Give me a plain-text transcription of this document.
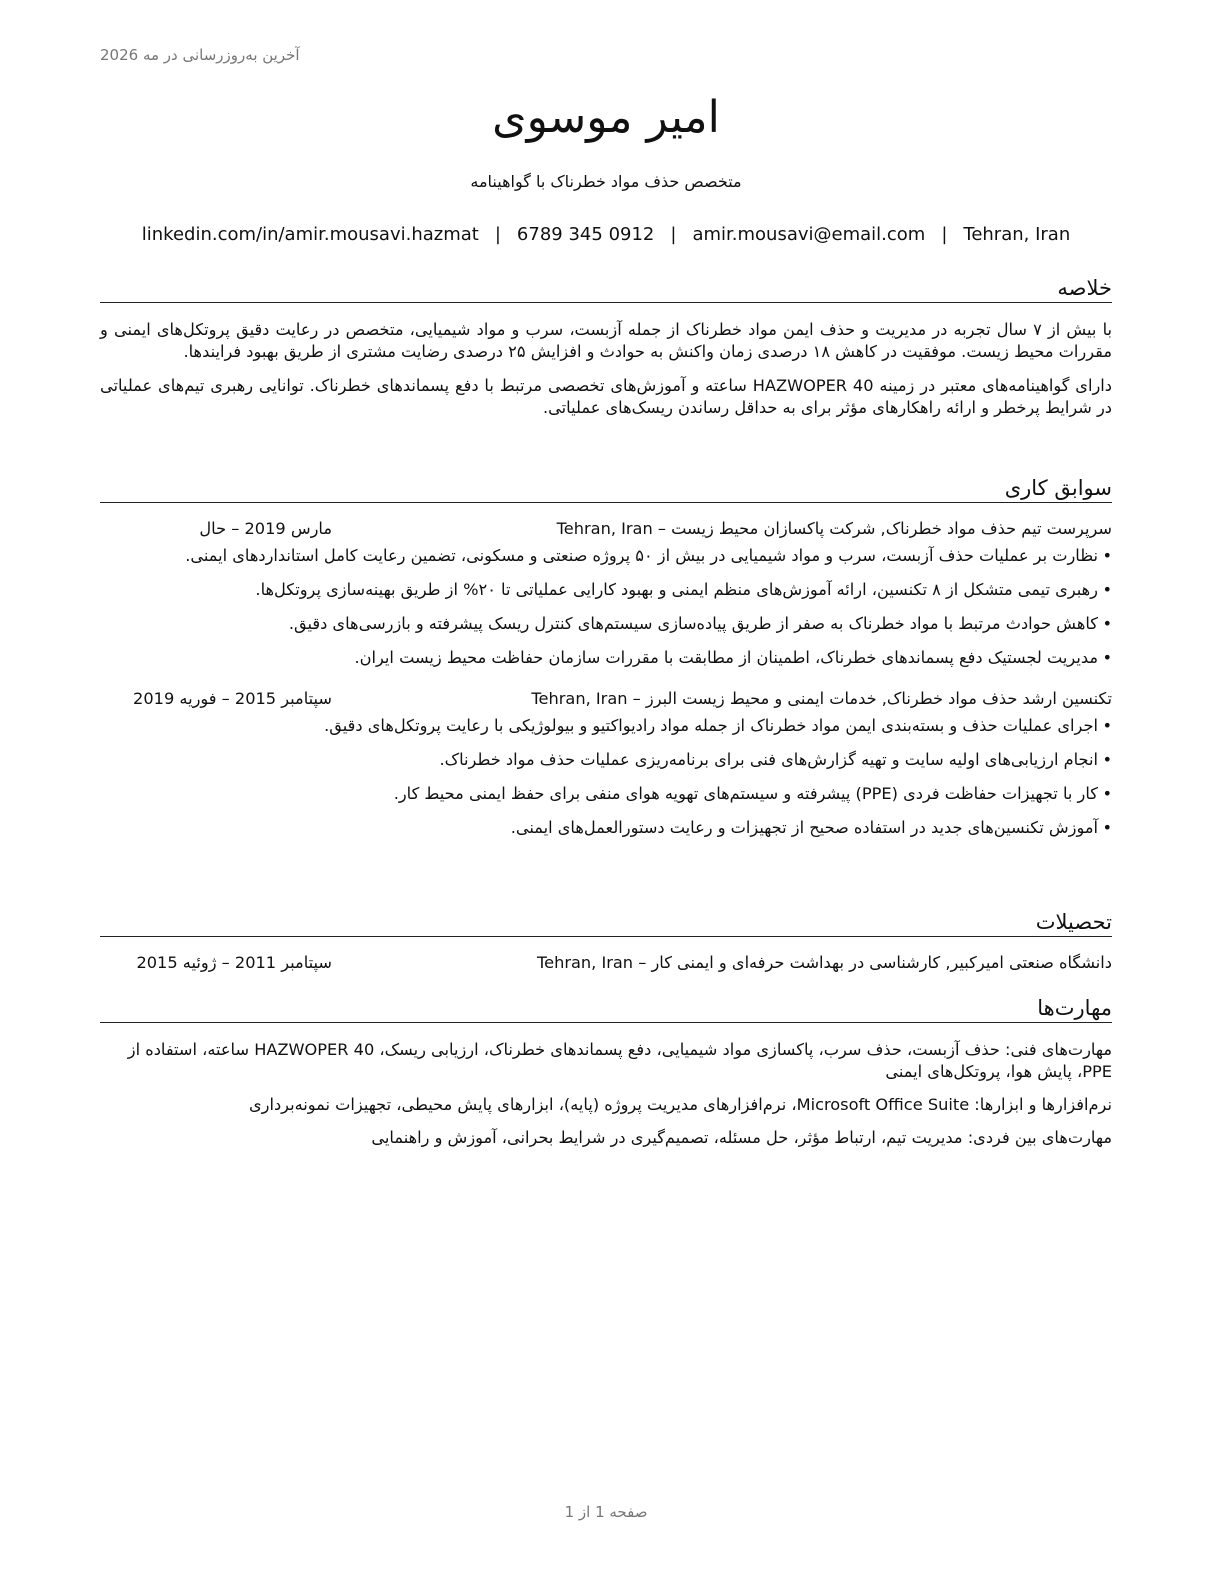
آخرین به‌روزرسانی در مه 2026
امیر موسوی
متخصص حذف مواد خطرناک با گواهینامه
linkedin.com/in/amir.mousavi.hazmat | 0912 345 6789 | amir.mousavi@email.com | Tehran, Iran
خلاصه

با بیش از ۷ سال تجربه در مدیریت و حذف ایمن مواد خطرناک از جمله آزبست، سرب و مواد شیمیایی، متخصص در رعایت دقیق پروتکل‌های ایمنی و مقررات محیط زیست. موفقیت در کاهش ۱۸ درصدی زمان واکنش به حوادث و افزایش ۲۵ درصدی رضایت مشتری از طریق بهبود فرایندها.

دارای گواهینامه‌های معتبر در زمینه HAZWOPER 40 ساعته و آموزش‌های تخصصی مرتبط با دفع پسماندهای خطرناک. توانایی رهبری تیم‌های عملیاتی در شرایط پرخطر و ارائه راهکارهای مؤثر برای به حداقل رساندن ریسک‌های عملیاتی.

سوابق کاری
سرپرست تیم حذف مواد خطرناک, شرکت پاکسازان محیط زیست – Tehran, Iran
مارس 2019 – حال
• نظارت بر عملیات حذف آزبست، سرب و مواد شیمیایی در بیش از ۵۰ پروژه صنعتی و مسکونی، تضمین رعایت کامل استانداردهای ایمنی.
• رهبری تیمی متشکل از ۸ تکنسین، ارائه آموزش‌های منظم ایمنی و بهبود کارایی عملیاتی تا ۲۰% از طریق بهینه‌سازی پروتکل‌ها.
• کاهش حوادث مرتبط با مواد خطرناک به صفر از طریق پیاده‌سازی سیستم‌های کنترل ریسک پیشرفته و بازرسی‌های دقیق.
• مدیریت لجستیک دفع پسماندهای خطرناک، اطمینان از مطابقت با مقررات سازمان حفاظت محیط زیست ایران.
تکنسین ارشد حذف مواد خطرناک, خدمات ایمنی و محیط زیست البرز – Tehran, Iran
سپتامبر 2015 – فوریه 2019
• اجرای عملیات حذف و بسته‌بندی ایمن مواد خطرناک از جمله مواد رادیواکتیو و بیولوژیکی با رعایت پروتکل‌های دقیق.
• انجام ارزیابی‌های اولیه سایت و تهیه گزارش‌های فنی برای برنامه‌ریزی عملیات حذف مواد خطرناک.
• کار با تجهیزات حفاظت فردی (PPE) پیشرفته و سیستم‌های تهویه هوای منفی برای حفظ ایمنی محیط کار.
• آموزش تکنسین‌های جدید در استفاده صحیح از تجهیزات و رعایت دستورالعمل‌های ایمنی.
تحصیلات
دانشگاه صنعتی امیرکبیر, کارشناسی در بهداشت حرفه‌ای و ایمنی کار – Tehran, Iran
سپتامبر 2011 – ژوئیه 2015
مهارت‌ها

مهارت‌های فنی: حذف آزبست، حذف سرب، پاکسازی مواد شیمیایی، دفع پسماندهای خطرناک، ارزیابی ریسک، HAZWOPER 40 ساعته، استفاده از PPE، پایش هوا، پروتکل‌های ایمنی

نرم‌افزارها و ابزارها: Microsoft Office Suite، نرم‌افزارهای مدیریت پروژه (پایه)، ابزارهای پایش محیطی، تجهیزات نمونه‌برداری

مهارت‌های بین فردی: مدیریت تیم، ارتباط مؤثر، حل مسئله، تصمیم‌گیری در شرایط بحرانی، آموزش و راهنمایی

صفحه 1 از 1
